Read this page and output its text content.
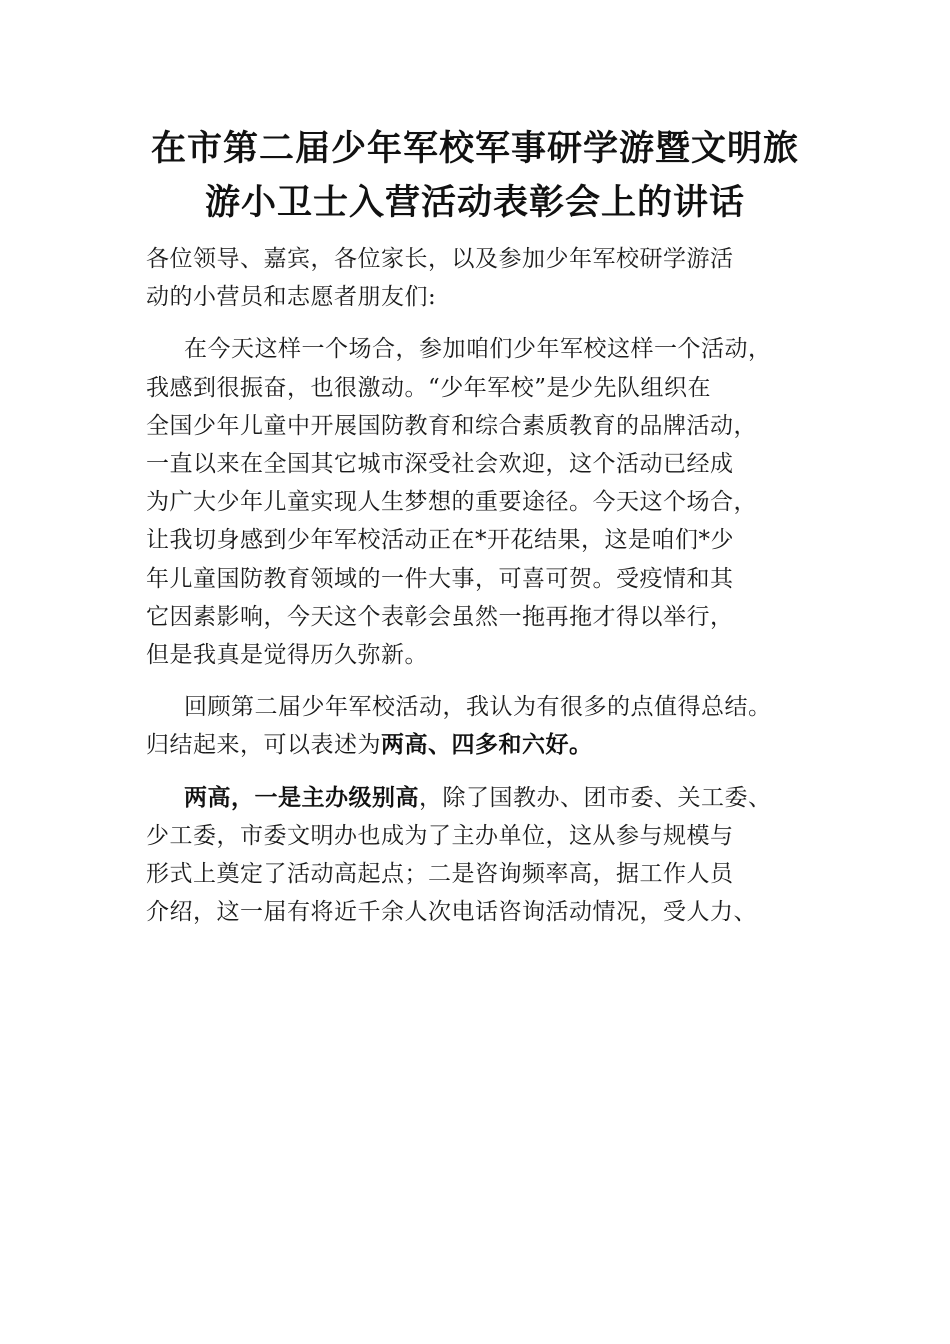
在市第二届少年军校军事研学游暨文明旅
游小卫士入营活动表彰会上的讲话

各位领导、嘉宾，各位家长，以及参加少年军校研学游活
动的小营员和志愿者朋友们:

在今天这样一个场合，参加咱们少年军校这样一个活动，
我感到很振奋，也很激动。“少年军校”是少先队组织在
全国少年儿童中开展国防教育和综合素质教育的品牌活动，
一直以来在全国其它城市深受社会欢迎，这个活动已经成
为广大少年儿童实现人生梦想的重要途径。今天这个场合，
让我切身感到少年军校活动正在*开花结果，这是咱们*少
年儿童国防教育领域的一件大事，可喜可贺。受疫情和其
它因素影响，今天这个表彰会虽然一拖再拖才得以举行，
但是我真是觉得历久弥新。

回顾第二届少年军校活动，我认为有很多的点值得总结。
归结起来，可以表述为两高、四多和六好。

两高，一是主办级别高，除了国教办、团市委、关工委、
少工委，市委文明办也成为了主办单位，这从参与规模与
形式上奠定了活动高起点；二是咨询频率高，据工作人员
介绍，这一届有将近千余人次电话咨询活动情况，受人力、
